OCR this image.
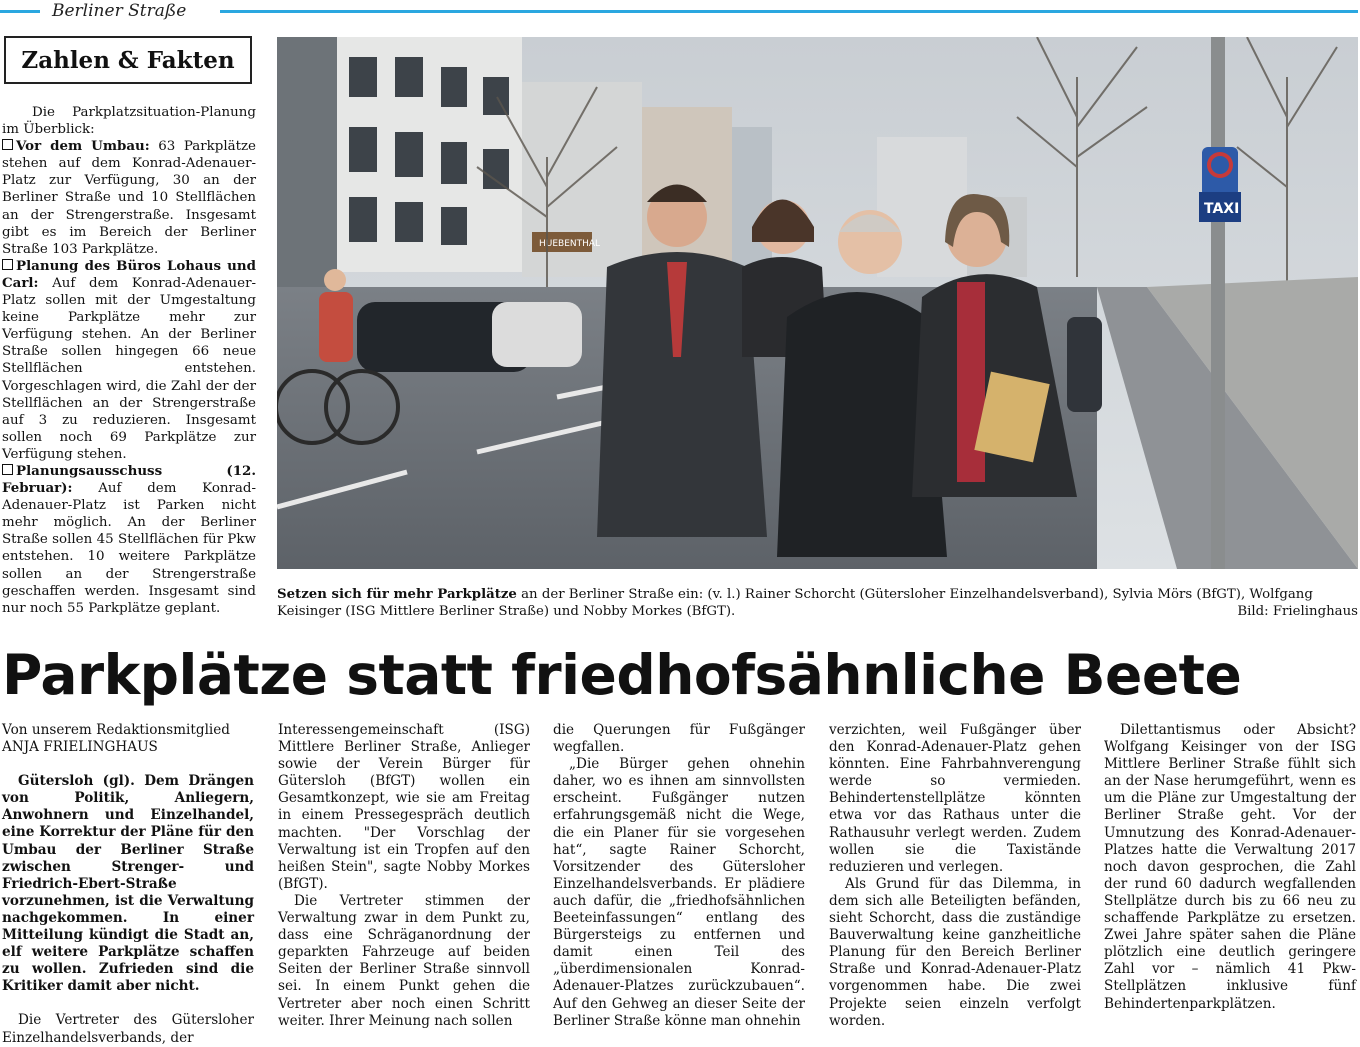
Berliner Straße
Zahlen & Fakten

Die Parkplatzsituation-Planung im Überblick:

Vor dem Umbau: 63 Parkplätze stehen auf dem Konrad-Adenauer-Platz zur Verfügung, 30 an der Berliner Straße und 10 Stellflächen an der Strengerstraße. Insgesamt gibt es im Bereich der Berliner Straße 103 Parkplätze.

Planung des Büros Lohaus und Carl: Auf dem Konrad-Adenauer-Platz sollen mit der Umgestaltung keine Parkplätze mehr zur Verfügung stehen. An der Berliner Straße sollen hingegen 66 neue Stellflächen entstehen. Vorgeschlagen wird, die Zahl der der Stellflächen an der Strengerstraße auf 3 zu reduzieren. Insgesamt sollen noch 69 Parkplätze zur Verfügung stehen.

Planungsausschuss (12. Februar): Auf dem Konrad-Adenauer-Platz ist Parken nicht mehr möglich. An der Berliner Straße sollen 45 Stellflächen für Pkw entstehen. 10 weitere Parkplätze sollen an der Strengerstraße geschaffen werden. Insgesamt sind nur noch 55 Parkplätze geplant.

HUEBENTHAL
TAXI
Setzen sich für mehr Parkplätze an der Berliner Straße ein: (v. l.) Rainer Schorcht (Gütersloher Einzelhandelsverband), Sylvia Mörs (BfGT), Wolfgang Keisinger (ISG Mittlere Berliner Straße) und Nobby Morkes (BfGT).	Bild: Frielinghaus
Parkplätze statt friedhofsähnliche Beete

Von unserem Redaktionsmitglied
ANJA FRIELINGHAUS

Gütersloh (gl). Dem Drängen von Politik, Anliegern, Anwohnern und Einzelhandel, eine Korrektur der Pläne für den Umbau der Berliner Straße zwischen Strenger- und Friedrich-Ebert-Straße vorzunehmen, ist die Verwaltung nachgekommen. In einer Mitteilung kündigt die Stadt an, elf weitere Parkplätze schaffen zu wollen. Zufrieden sind die Kritiker damit aber nicht.

Die Vertreter des Gütersloher Einzelhandelsverbands, der

Interessengemeinschaft (ISG) Mittlere Berliner Straße, Anlieger sowie der Verein Bürger für Gütersloh (BfGT) wollen ein Gesamtkonzept, wie sie am Freitag in einem Pressegespräch deutlich machten. "Der Vorschlag der Verwaltung ist ein Tropfen auf den heißen Stein", sagte Nobby Morkes (BfGT).

Die Vertreter stimmen der Verwaltung zwar in dem Punkt zu, dass eine Schräganordnung der geparkten Fahrzeuge auf beiden Seiten der Berliner Straße sinnvoll sei. In einem Punkt gehen die Vertreter aber noch einen Schritt weiter. Ihrer Meinung nach sollen

die Querungen für Fußgänger wegfallen.

„Die Bürger gehen ohnehin daher, wo es ihnen am sinnvollsten erscheint. Fußgänger nutzen erfahrungsgemäß nicht die Wege, die ein Planer für sie vorgesehen hat“, sagte Rainer Schorcht, Vorsitzender des Gütersloher Einzelhandelsverbands. Er plädiere auch dafür, die „friedhofsähnlichen Beeteinfassungen“ entlang des Bürgersteigs zu entfernen und damit einen Teil des „überdimensionalen Konrad-Adenauer-Platzes zurückzubauen“. Auf den Gehweg an dieser Seite der Berliner Straße könne man ohnehin

verzichten, weil Fußgänger über den Konrad-Adenauer-Platz gehen könnten. Eine Fahrbahnverengung werde so vermieden. Behindertenstellplätze könnten etwa vor das Rathaus unter die Rathausuhr verlegt werden. Zudem wollen sie die Taxistände reduzieren und verlegen.

Als Grund für das Dilemma, in dem sich alle Beteiligten befänden, sieht Schorcht, dass die zuständige Bauverwaltung keine ganzheitliche Planung für den Bereich Berliner Straße und Konrad-Adenauer-Platz vorgenommen habe. Die zwei Projekte seien einzeln verfolgt worden.

Dilettantismus oder Absicht? Wolfgang Keisinger von der ISG Mittlere Berliner Straße fühlt sich an der Nase herumgeführt, wenn es um die Pläne zur Umgestaltung der Berliner Straße geht. Vor der Umnutzung des Konrad-Adenauer-Platzes hatte die Verwaltung 2017 noch davon gesprochen, die Zahl der rund 60 dadurch wegfallenden Stellplätze durch bis zu 66 neu zu schaffende Parkplätze zu ersetzen. Zwei Jahre später sahen die Pläne plötzlich eine deutlich geringere Zahl vor – nämlich 41 Pkw-Stellplätzen inklusive fünf Behindertenparkplätzen.
